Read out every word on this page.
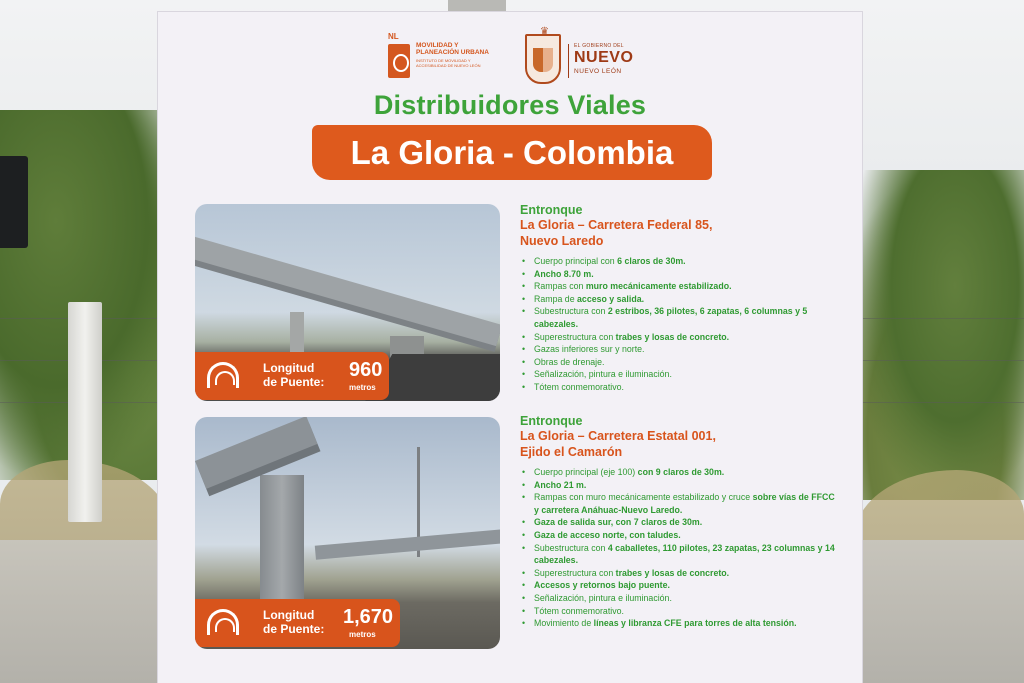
NL
MOVILIDAD Y
PLANEACIÓN URBANA
INSTITUTO DE MOVILIDAD Y ACCESIBILIDAD DE NUEVO LEÓN
♛
EL GOBIERNO DEL
NUEVO
NUEVO LEÓN
Distribuidores Viales
La Gloria - Colombia
Longitud
de Puente:
960
metros
Longitud
de Puente:
1,670
metros
Entronque
La Gloria – Carretera Federal 85,
Nuevo Laredo
• Cuerpo principal con 6 claros de 30m.
• Ancho 8.70 m.
• Rampas con muro mecánicamente estabilizado.
• Rampa de acceso y salida.
• Subestructura con 2 estribos, 36 pilotes, 6 zapatas, 6 columnas y 5 cabezales.
• Superestructura con trabes y losas de concreto.
• Gazas inferiores sur y norte.
• Obras de drenaje.
• Señalización, pintura e iluminación.
• Tótem conmemorativo.
Entronque
La Gloria – Carretera Estatal 001,
Ejido el Camarón
• Cuerpo principal (eje 100) con 9 claros de 30m.
• Ancho 21 m.
• Rampas con muro mecánicamente estabilizado y cruce sobre vías de FFCC y carretera Anáhuac-Nuevo Laredo.
• Gaza de salida sur, con 7 claros de 30m.
• Gaza de acceso norte, con taludes.
• Subestructura con 4 caballetes, 110 pilotes, 23 zapatas, 23 columnas y 14 cabezales.
• Superestructura con trabes y losas de concreto.
• Accesos y retornos bajo puente.
• Señalización, pintura e iluminación.
• Tótem conmemorativo.
• Movimiento de líneas y libranza CFE para torres de alta tensión.
